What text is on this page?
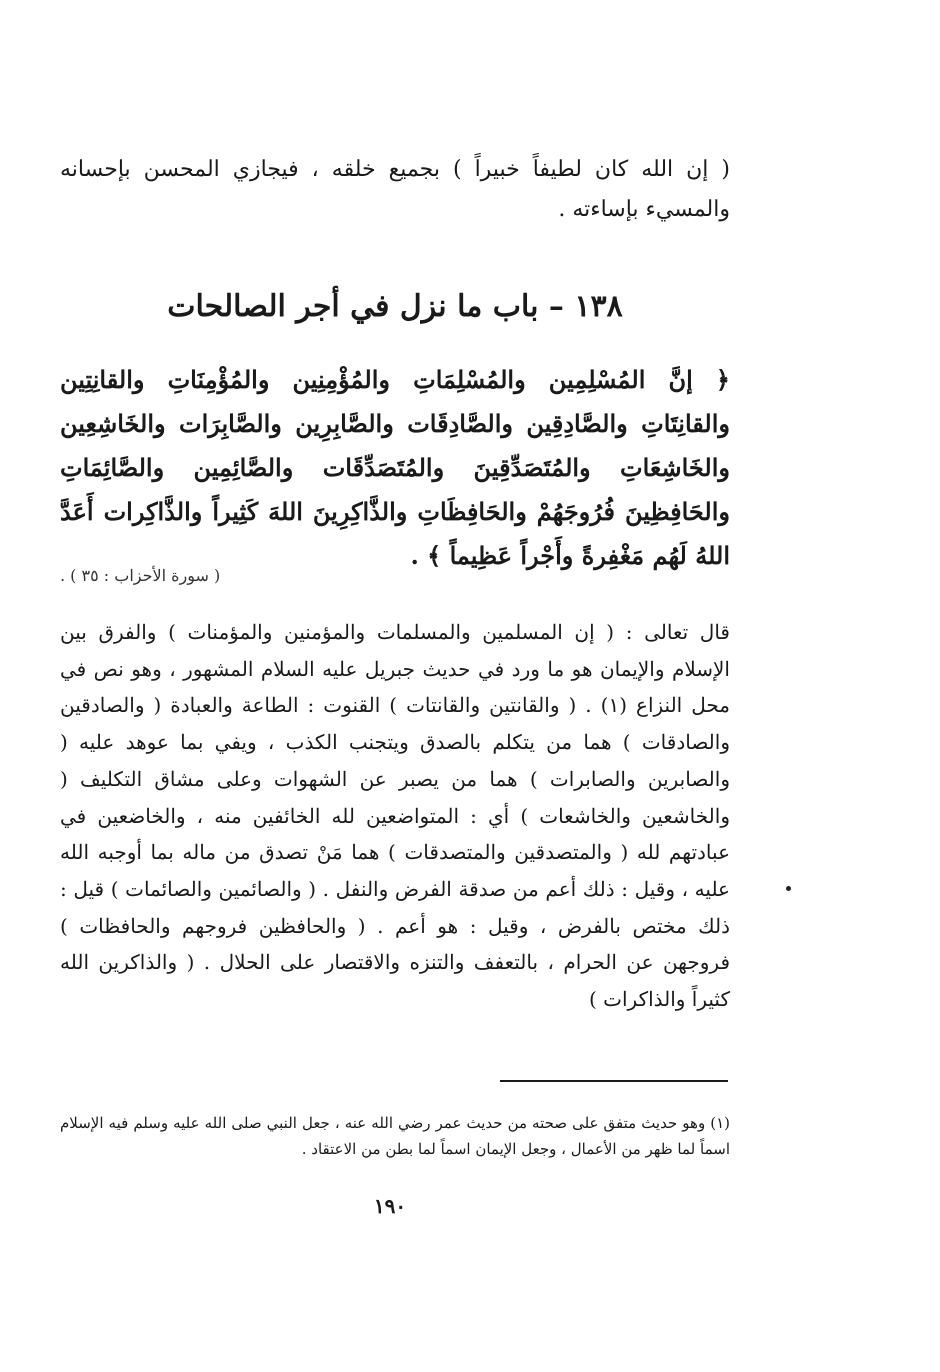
( إن الله كان لطيفاً خبيراً ) بجميع خلقه ، فيجازي المحسن بإحسانه والمسيء بإساءته .

١٣٨ – باب ما نزل في أجر الصالحات

﴿ إنَّ المُسْلِمِين والمُسْلِمَاتِ والمُؤْمِنِين والمُؤْمِنَاتِ والقانِتِين والقانِتَاتِ والصَّادِقِين والصَّادِقَات والصَّابِرِين والصَّابِرَات والخَاشِعِين والخَاشِعَاتِ والمُتَصَدِّقِينَ والمُتَصَدِّقَات والصَّائِمِين والصَّائِمَاتِ والحَافِظِينَ فُرُوجَهُمْ والحَافِظَاتِ والذَّاكِرِينَ اللهَ كَثِيراً والذَّاكِرات أَعَدَّ اللهُ لَهُم مَغْفِرةً وأَجْراً عَظِيماً ﴾ .

( سورة الأحزاب : ٣٥ ) .

قال تعالى : ( إن المسلمين والمسلمات والمؤمنين والمؤمنات ) والفرق بين الإسلام والإيمان هو ما ورد في حديث جبريل عليه السلام المشهور ، وهو نص في محل النزاع (١) . ( والقانتين والقانتات ) القنوت : الطاعة والعبادة ( والصادقين والصادقات ) هما من يتكلم بالصدق ويتجنب الكذب ، ويفي بما عوهد عليه ( والصابرين والصابرات ) هما من يصبر عن الشهوات وعلى مشاق التكليف ( والخاشعين والخاشعات ) أي : المتواضعين لله الخائفين منه ، والخاضعين في عبادتهم لله ( والمتصدقين والمتصدقات ) هما مَنْ تصدق من ماله بما أوجبه الله عليه ، وقيل : ذلك أعم من صدقة الفرض والنفل . ( والصائمين والصائمات ) قيل : ذلك مختص بالفرض ، وقيل : هو أعم . ( والحافظين فروجهم والحافظات ) فروجهن عن الحرام ، بالتعفف والتنزه والاقتصار على الحلال . ( والذاكرين الله كثيراً والذاكرات )

(١) وهو حديث متفق على صحته من حديث عمر رضي الله عنه ، جعل النبي صلى الله عليه وسلم فيه الإسلام اسماً لما ظهر من الأعمال ، وجعل الإيمان اسماً لما بطن من الاعتقاد .

١٩٠
